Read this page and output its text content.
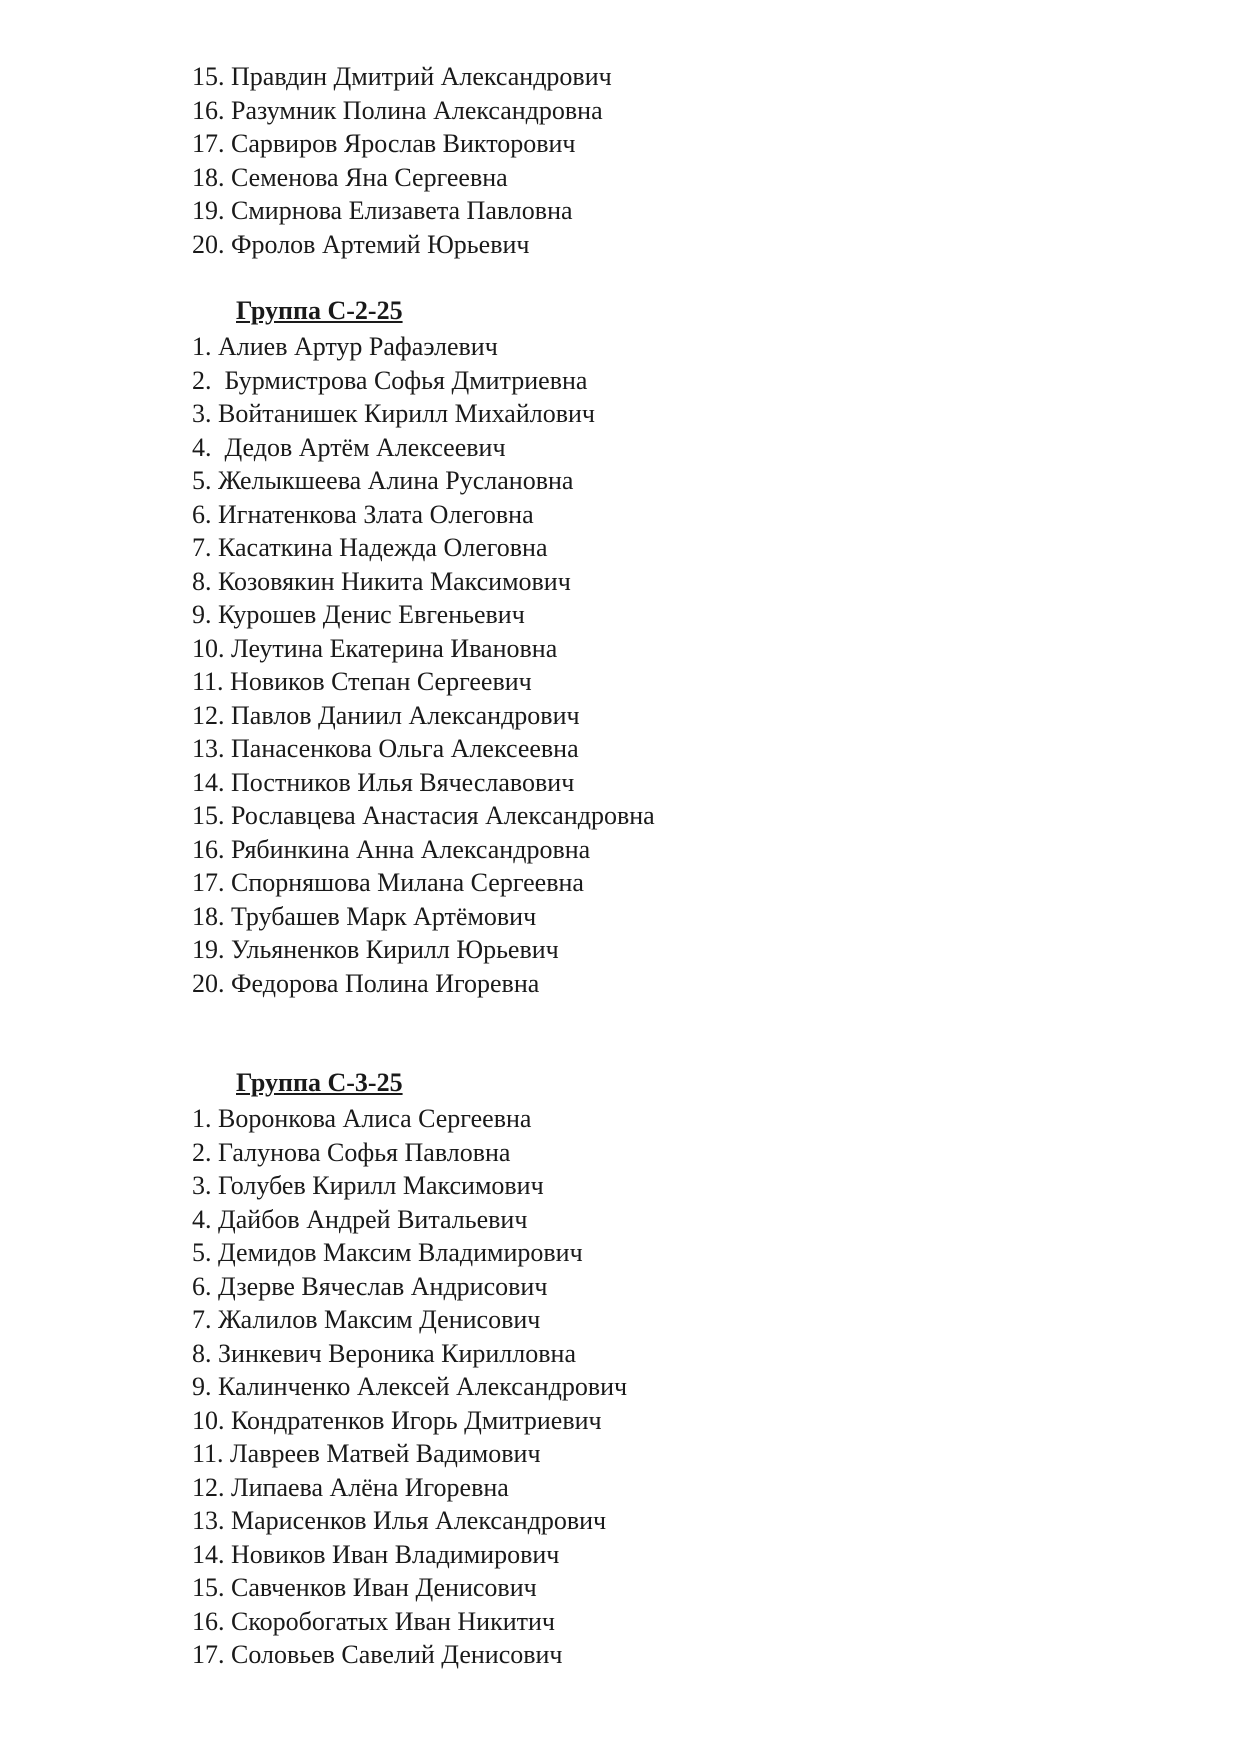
15. Правдин Дмитрий Александрович
16. Разумник Полина Александровна
17. Сарвиров Ярослав Викторович
18. Семенова Яна Сергеевна
19. Смирнова Елизавета Павловна
20. Фролов Артемий Юрьевич
Группа С-2-25
1. Алиев Артур Рафаэлевич
2.  Бурмистрова Софья Дмитриевна
3. Войтанишек Кирилл Михайлович
4.  Дедов Артём Алексеевич
5. Желыкшеева Алина Руслановна
6. Игнатенкова Злата Олеговна
7. Касаткина Надежда Олеговна
8. Козовякин Никита Максимович
9. Курошев Денис Евгеньевич
10. Леутина Екатерина Ивановна
11. Новиков Степан Сергеевич
12. Павлов Даниил Александрович
13. Панасенкова Ольга Алексеевна
14. Постников Илья Вячеславович
15. Рославцева Анастасия Александровна
16. Рябинкина Анна Александровна
17. Спорняшова Милана Сергеевна
18. Трубашев Марк Артёмович
19. Ульяненков Кирилл Юрьевич
20. Федорова Полина Игоревна
Группа С-3-25
1. Воронкова Алиса Сергеевна
2. Галунова Софья Павловна
3. Голубев Кирилл Максимович
4. Дайбов Андрей Витальевич
5. Демидов Максим Владимирович
6. Дзерве Вячеслав Андрисович
7. Жалилов Максим Денисович
8. Зинкевич Вероника Кирилловна
9. Калинченко Алексей Александрович
10. Кондратенков Игорь Дмитриевич
11. Лавреев Матвей Вадимович
12. Липаева Алёна Игоревна
13. Марисенков Илья Александрович
14. Новиков Иван Владимирович
15. Савченков Иван Денисович
16. Скоробогатых Иван Никитич
17. Соловьев Савелий Денисович
